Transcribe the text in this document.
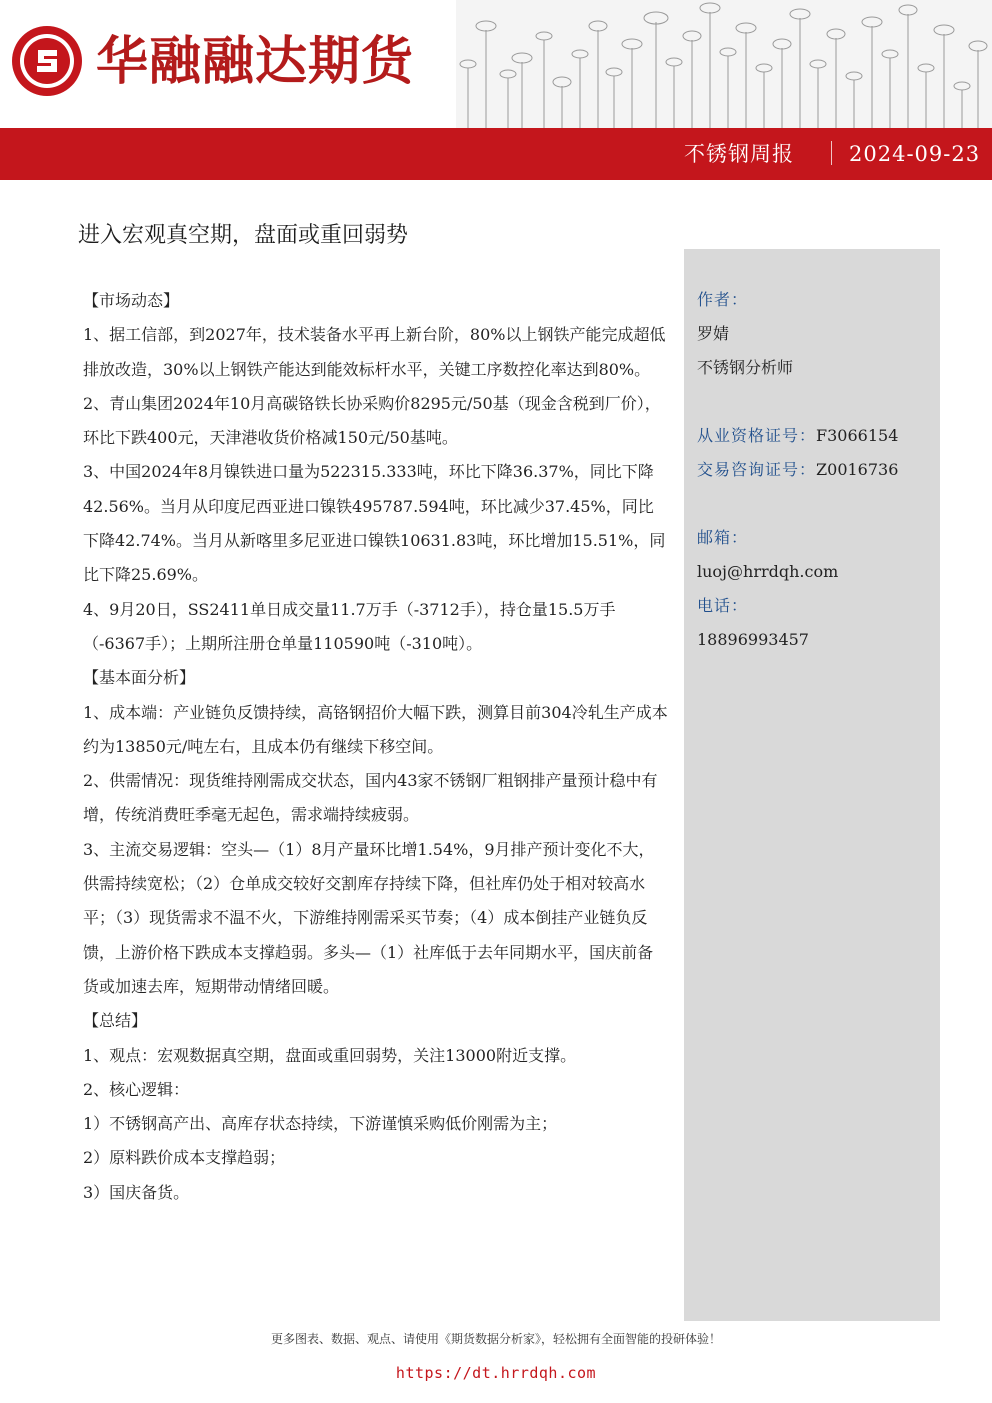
华融融达期货
不锈钢周报	2024-09-23
进入宏观真空期，盘面或重回弱势

【市场动态】

1、据工信部，到2027年，技术装备水平再上新台阶，80%以上钢铁产能完成超低排放改造，30%以上钢铁产能达到能效标杆水平，关键工序数控化率达到80%。

2、青山集团2024年10月高碳铬铁长协采购价8295元/50基（现金含税到厂价），环比下跌400元，天津港收货价格减150元/50基吨。

3、中国2024年8月镍铁进口量为522315.333吨，环比下降36.37%，同比下降42.56%。当月从印度尼西亚进口镍铁495787.594吨，环比减少37.45%，同比下降42.74%。当月从新喀里多尼亚进口镍铁10631.83吨，环比增加15.51%，同比下降25.69%。

4、9月20日，SS2411单日成交量11.7万手（-3712手），持仓量15.5万手（-6367手）；上期所注册仓单量110590吨（-310吨）。

【基本面分析】

1、成本端：产业链负反馈持续，高铬钢招价大幅下跌，测算目前304冷轧生产成本约为13850元/吨左右，且成本仍有继续下移空间。

2、供需情况：现货维持刚需成交状态，国内43家不锈钢厂粗钢排产量预计稳中有增，传统消费旺季毫无起色，需求端持续疲弱。

3、主流交易逻辑：空头—（1）8月产量环比增1.54%，9月排产预计变化不大，供需持续宽松；（2）仓单成交较好交割库存持续下降，但社库仍处于相对较高水平；（3）现货需求不温不火，下游维持刚需采买节奏；（4）成本倒挂产业链负反馈，上游价格下跌成本支撑趋弱。多头—（1）社库低于去年同期水平，国庆前备货或加速去库，短期带动情绪回暖。

【总结】

1、观点：宏观数据真空期，盘面或重回弱势，关注13000附近支撑。

2、核心逻辑：

1）不锈钢高产出、高库存状态持续，下游谨慎采购低价刚需为主；

2）原料跌价成本支撑趋弱；

3）国庆备货。

作者：
罗婧
不锈钢分析师
从业资格证号：F3066154
交易咨询证号：Z0016736
邮箱：
luoj@hrrdqh.com
电话：
18896993457
更多图表、数据、观点、请使用《期货数据分析家》，轻松拥有全面智能的投研体验！
https://dt.hrrdqh.com
